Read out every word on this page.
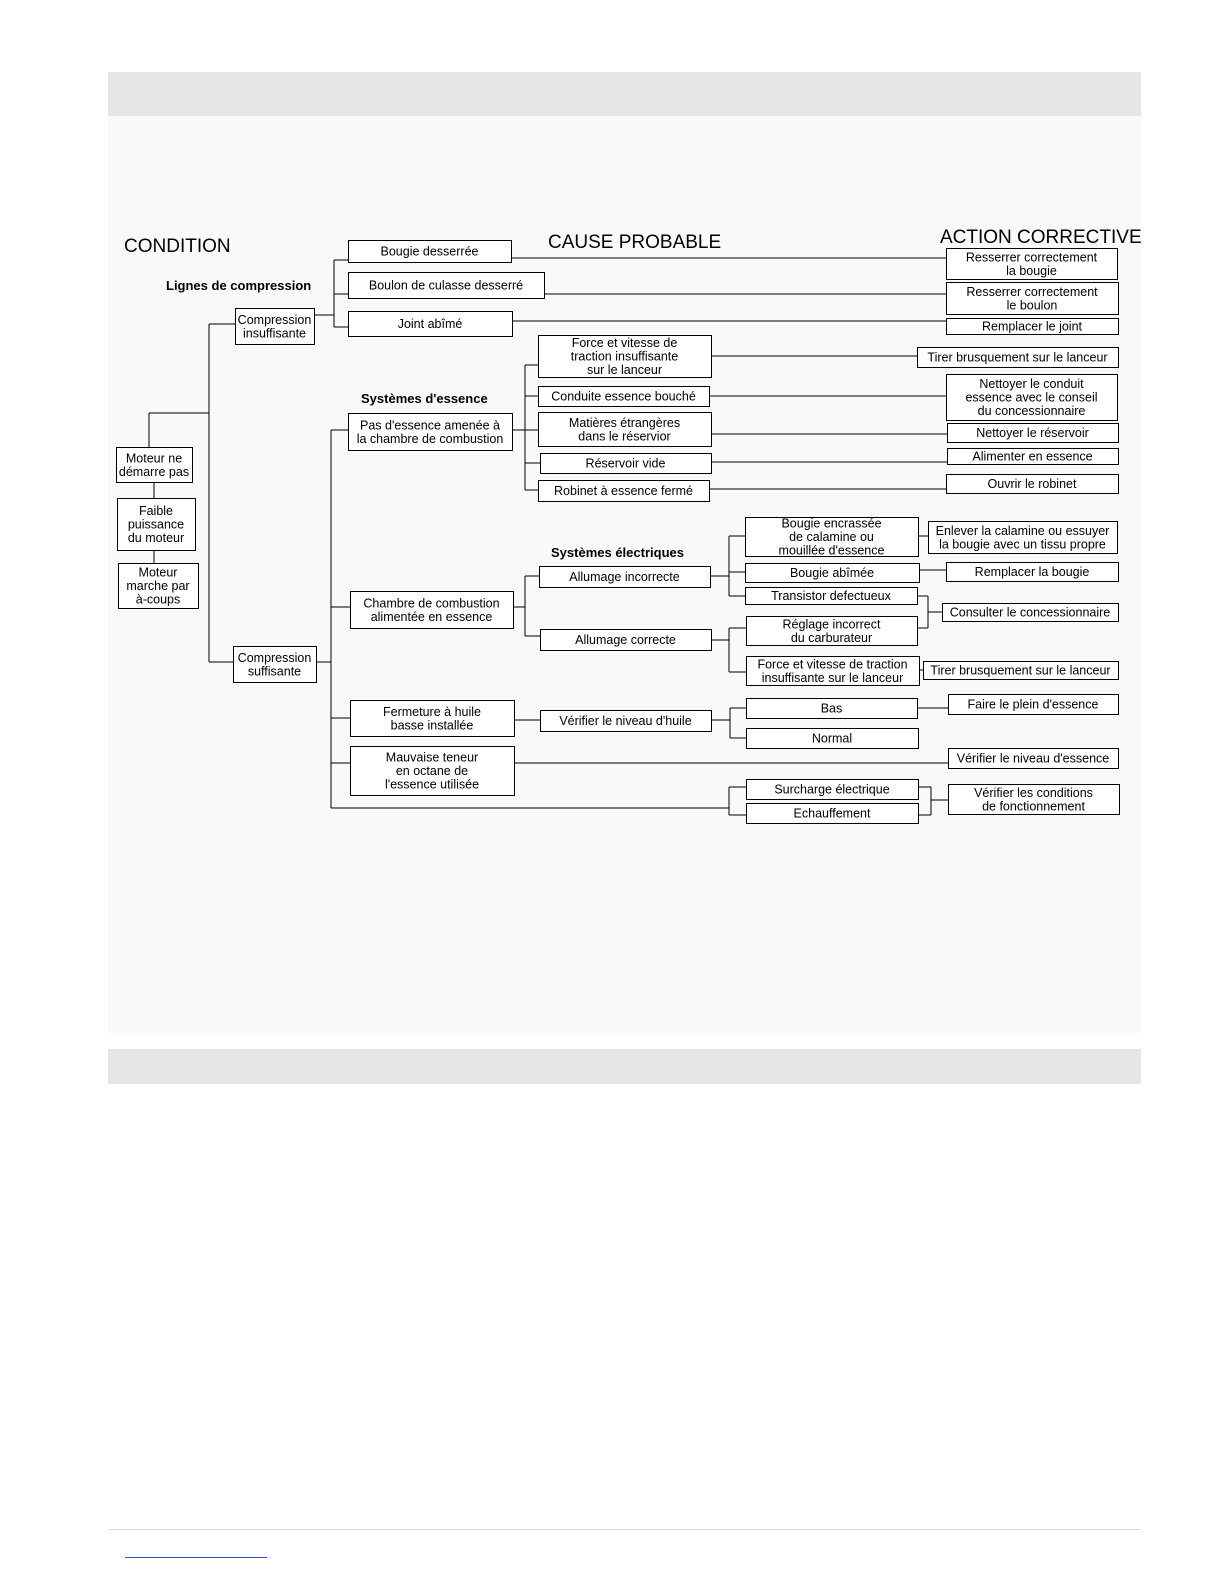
CONDITION	CAUSE PROBABLE	ACTION CORRECTIVE
Lignes de compression
Systèmes d'essence
Systèmes électriques
Moteur ne
démarre pas
Faible
puissance
du moteur
Moteur
marche par
à-coups
Compression
insuffisante
Compression
suffisante
Bougie desserrée
Boulon de culasse desserré
Joint abîmé
Pas d'essence amenée à
la chambre de combustion
Force et vitesse de
traction insuffisante
sur le lanceur
Conduite essence bouché
Matières étrangères
dans le réservior
Réservoir vide
Robinet à essence fermé
Chambre de combustion
alimentée en essence
Allumage incorrecte
Allumage correcte
Bougie encrassée
de calamine ou
mouillée d'essence
Bougie abîmée
Transistor defectueux
Réglage incorrect
du carburateur
Force et vitesse de traction
insuffisante sur le lanceur
Fermeture à huile
basse installée	Vérifier le niveau d'huile
Bas
Normal
Mauvaise teneur
en octane de
l'essence utilisée	Surcharge électrique
Echauffement
Resserrer correctement
la bougie
Resserrer correctement
le boulon
Remplacer le joint
Tirer brusquement sur le lanceur
Nettoyer le conduit
essence avec le conseil
du concessionnaire
Nettoyer le réservoir
Alimenter en essence
Ouvrir le robinet
Enlever la calamine ou essuyer
la bougie avec un tissu propre
Remplacer la bougie
Consulter le concessionnaire
Tirer brusquement sur le lanceur
Faire le plein d'essence
Vérifier le niveau d'essence
Vérifier les conditions
de fonctionnement
